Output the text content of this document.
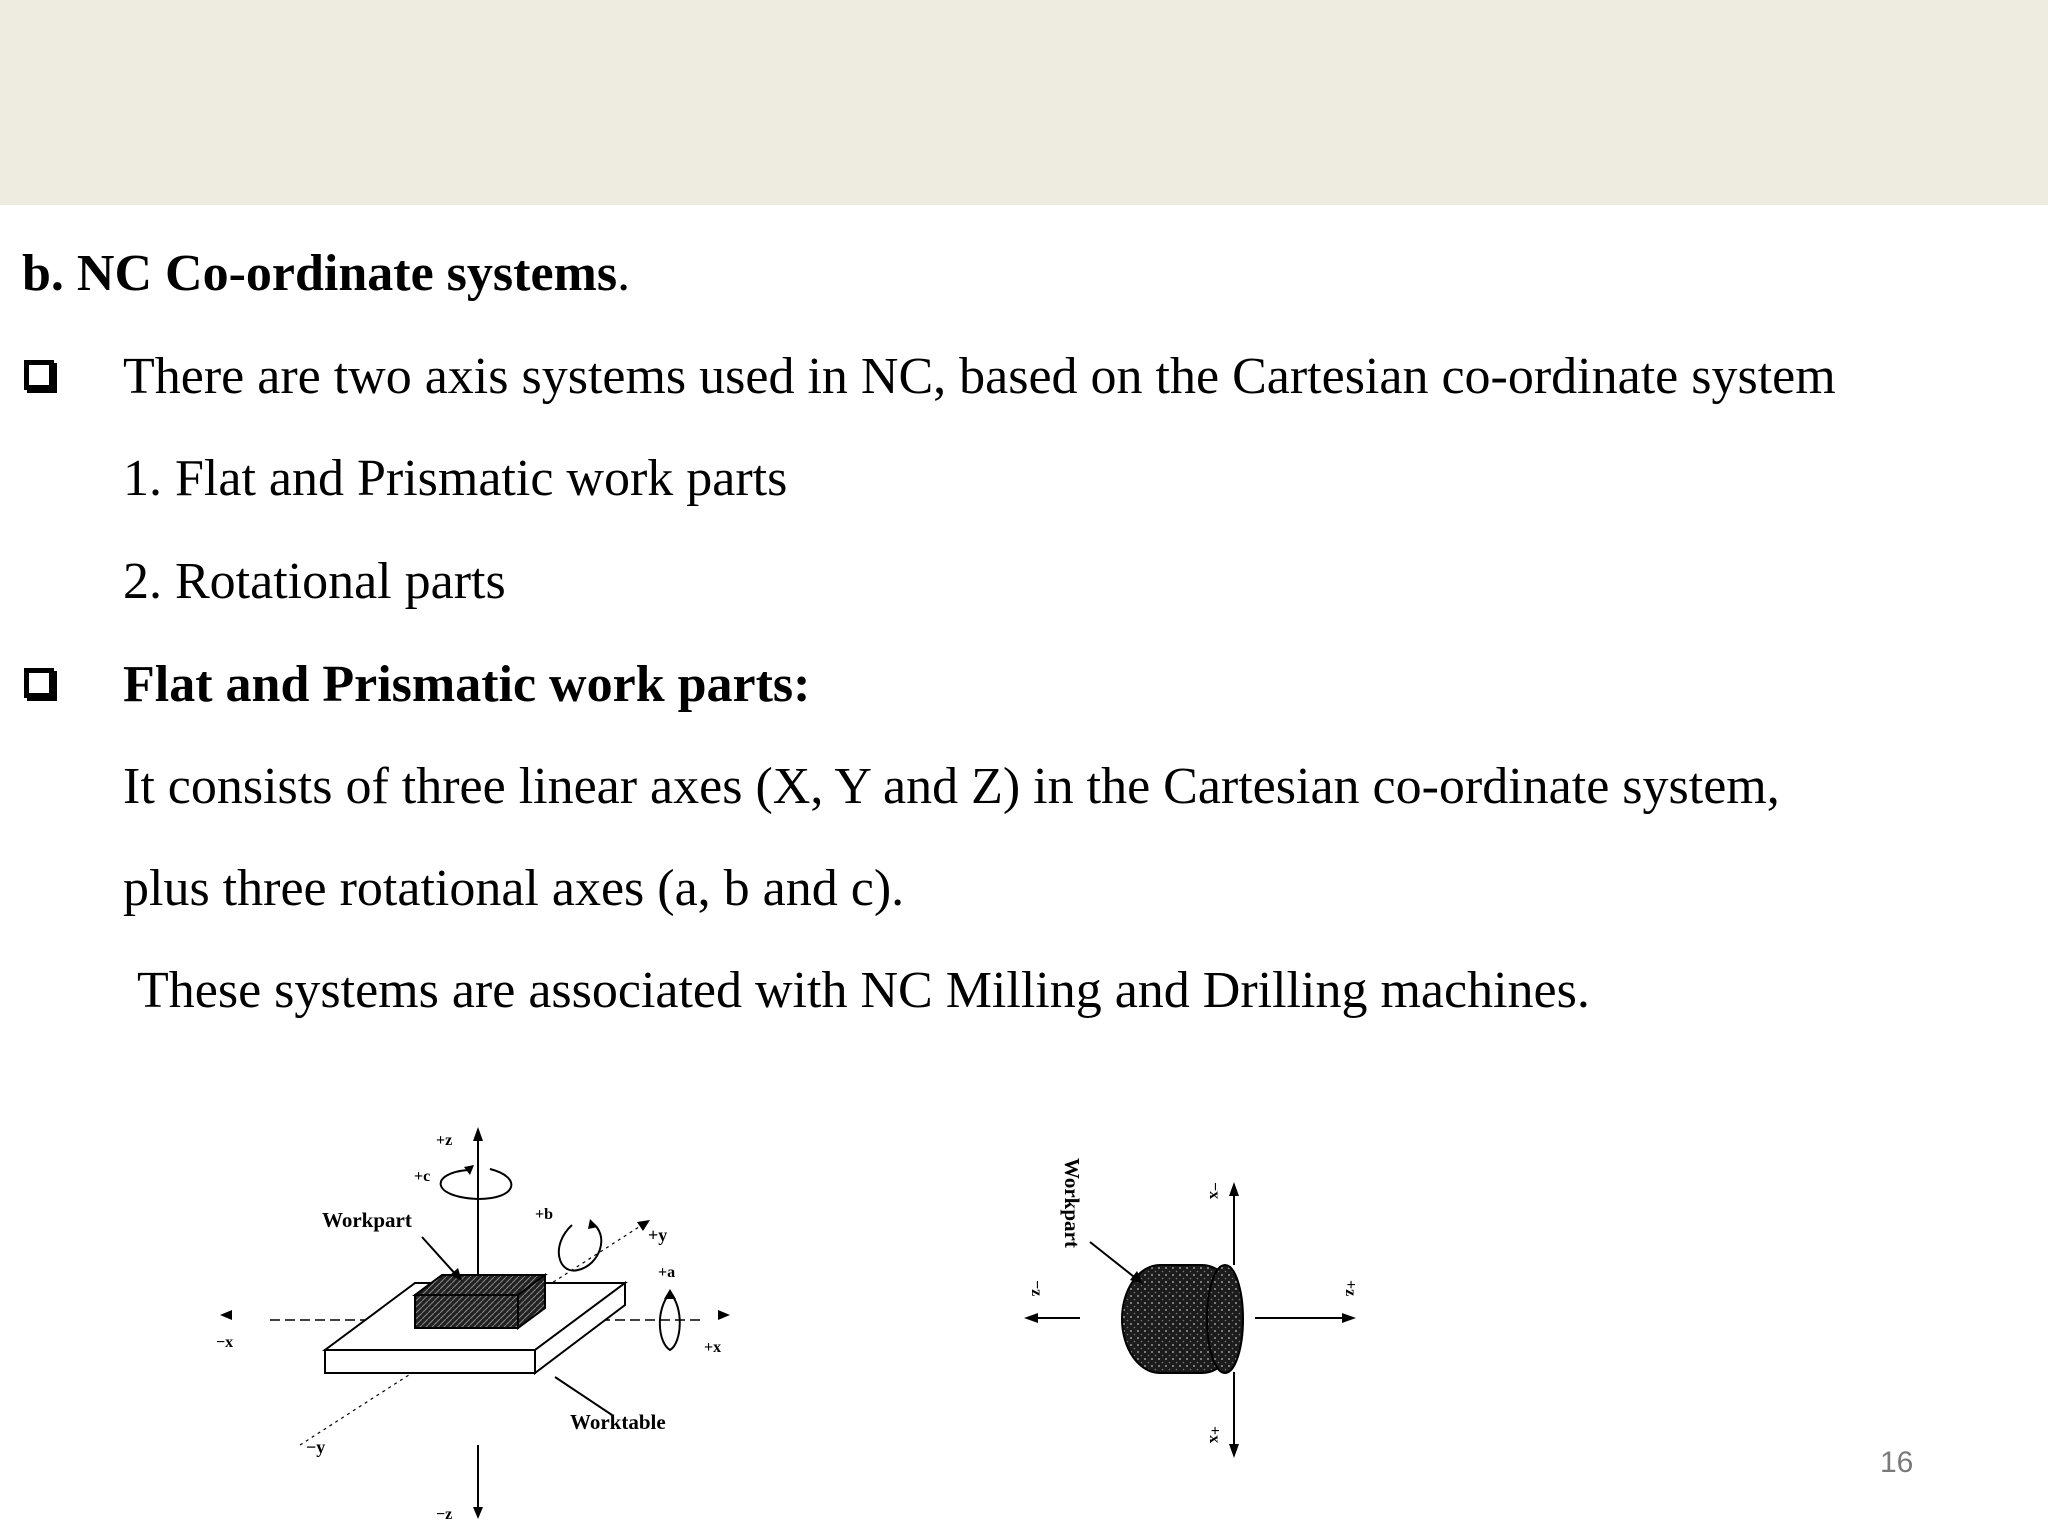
b. NC Co-ordinate systems.
There are two axis systems used in NC, based on the Cartesian co-ordinate system
1. Flat and Prismatic work parts
2. Rotational parts
Flat and Prismatic work parts:
It consists of three linear axes (X, Y and Z) in the Cartesian co-ordinate system,
plus three rotational axes (a, b and c).
These systems are associated with NC Milling and Drilling machines.
+z
+c
Workpart	+b
+y
+a
−x	+x
Worktable
−y
−z
Workpart	−x
−z	+z
+x
16
